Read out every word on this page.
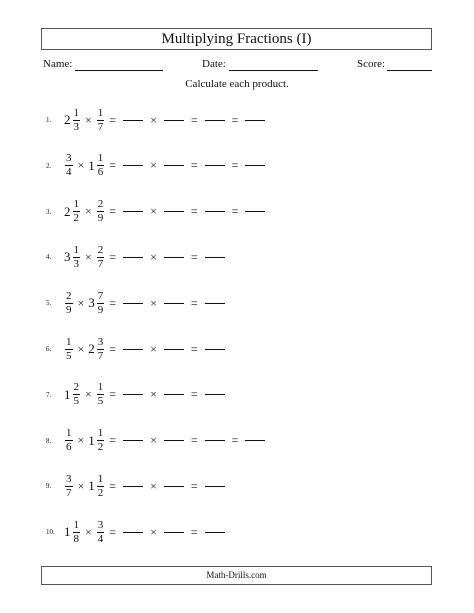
Multiplying Fractions (I)
Name:	Date:	Score:
Calculate each product.
1. $2 \frac{1}{3} \times \frac{1}{7}$ =	×	=	=
2. $\frac{3}{4} \times 1 \frac{1}{6}$ =	×	=	=
3. $2 \frac{1}{2} \times \frac{2}{9}$ =	×	=	=
4. $3 \frac{1}{3} \times \frac{2}{7}$ =	×	=
5. $\frac{2}{9} \times 3 \frac{7}{9}$ =	×	=
6. $\frac{1}{5} \times 2 \frac{3}{7}$ =	×	=
7. $1 \frac{2}{5} \times \frac{1}{5}$ =	×	=
8. $\frac{1}{6} \times 1 \frac{1}{2}$ =	×	=	=
9. $\frac{3}{7} \times 1 \frac{1}{2}$ =	×	=
10. $1 \frac{1}{8} \times \frac{3}{4}$ =	×	=
Math-Drills.com
